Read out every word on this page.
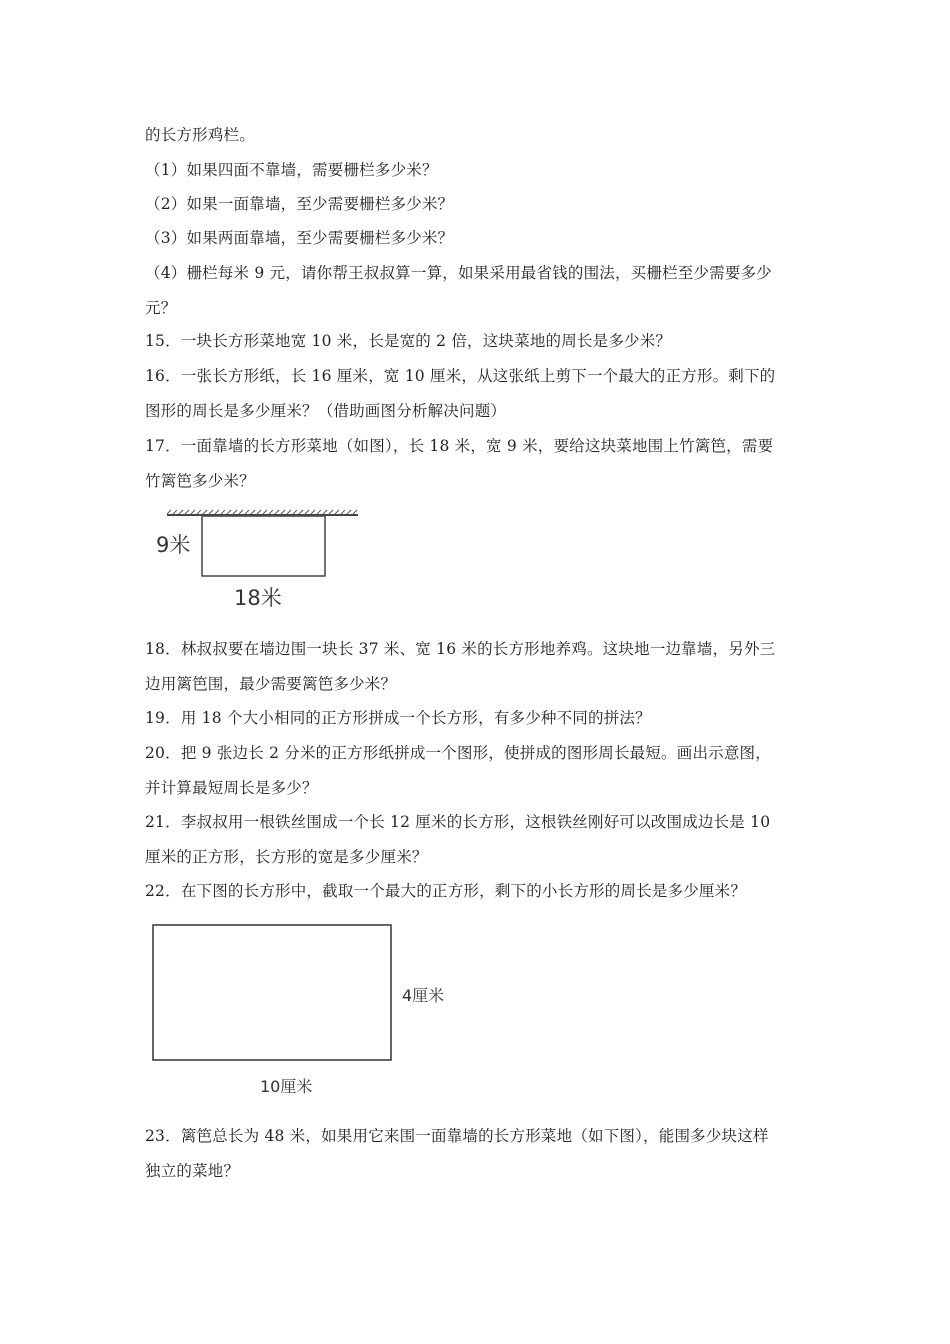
的长方形鸡栏。
（1）如果四面不靠墙，需要栅栏多少米？
（2）如果一面靠墙，至少需要栅栏多少米？
（3）如果两面靠墙，至少需要栅栏多少米？
（4）栅栏每米 9 元，请你帮王叔叔算一算，如果采用最省钱的围法，买栅栏至少需要多少
元？
15．一块长方形菜地宽 10 米，长是宽的 2 倍，这块菜地的周长是多少米？
16．一张长方形纸，长 16 厘米，宽 10 厘米，从这张纸上剪下一个最大的正方形。剩下的
图形的周长是多少厘米？（借助画图分析解决问题）
17．一面靠墙的长方形菜地（如图），长 18 米，宽 9 米，要给这块菜地围上竹篱笆，需要
竹篱笆多少米？
9米
18米
18．林叔叔要在墙边围一块长 37 米、宽 16 米的长方形地养鸡。这块地一边靠墙，另外三
边用篱笆围，最少需要篱笆多少米？
19．用 18 个大小相同的正方形拼成一个长方形，有多少种不同的拼法？
20．把 9 张边长 2 分米的正方形纸拼成一个图形，使拼成的图形周长最短。画出示意图，
并计算最短周长是多少？
21．李叔叔用一根铁丝围成一个长 12 厘米的长方形，这根铁丝刚好可以改围成边长是 10
厘米的正方形，长方形的宽是多少厘米？
22．在下图的长方形中，截取一个最大的正方形，剩下的小长方形的周长是多少厘米？
4厘米
10厘米
23．篱笆总长为 48 米，如果用它来围一面靠墙的长方形菜地（如下图），能围多少块这样
独立的菜地？
